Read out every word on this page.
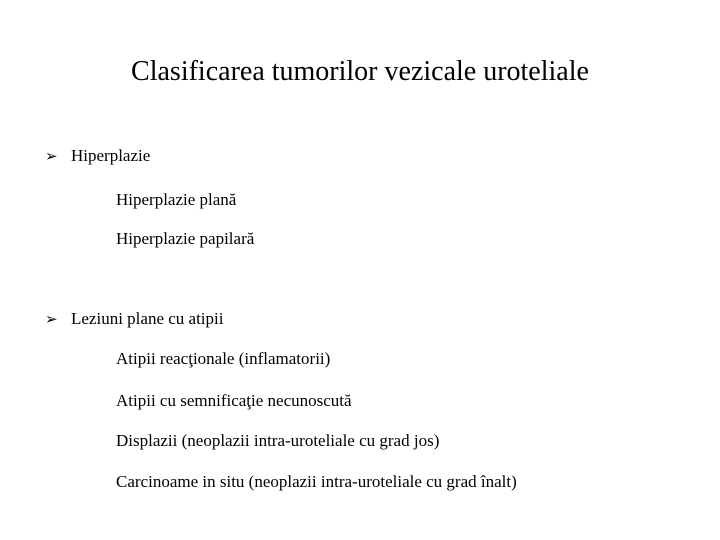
Clasificarea tumorilor vezicale uroteliale
➢ Hiperplazie
Hiperplazie plană
Hiperplazie papilară
➢ Leziuni plane cu atipii
Atipii reacţionale (inflamatorii)
Atipii cu semnificaţie necunoscută
Displazii (neoplazii intra-uroteliale cu grad jos)
Carcinoame in situ (neoplazii intra-uroteliale cu grad înalt)
